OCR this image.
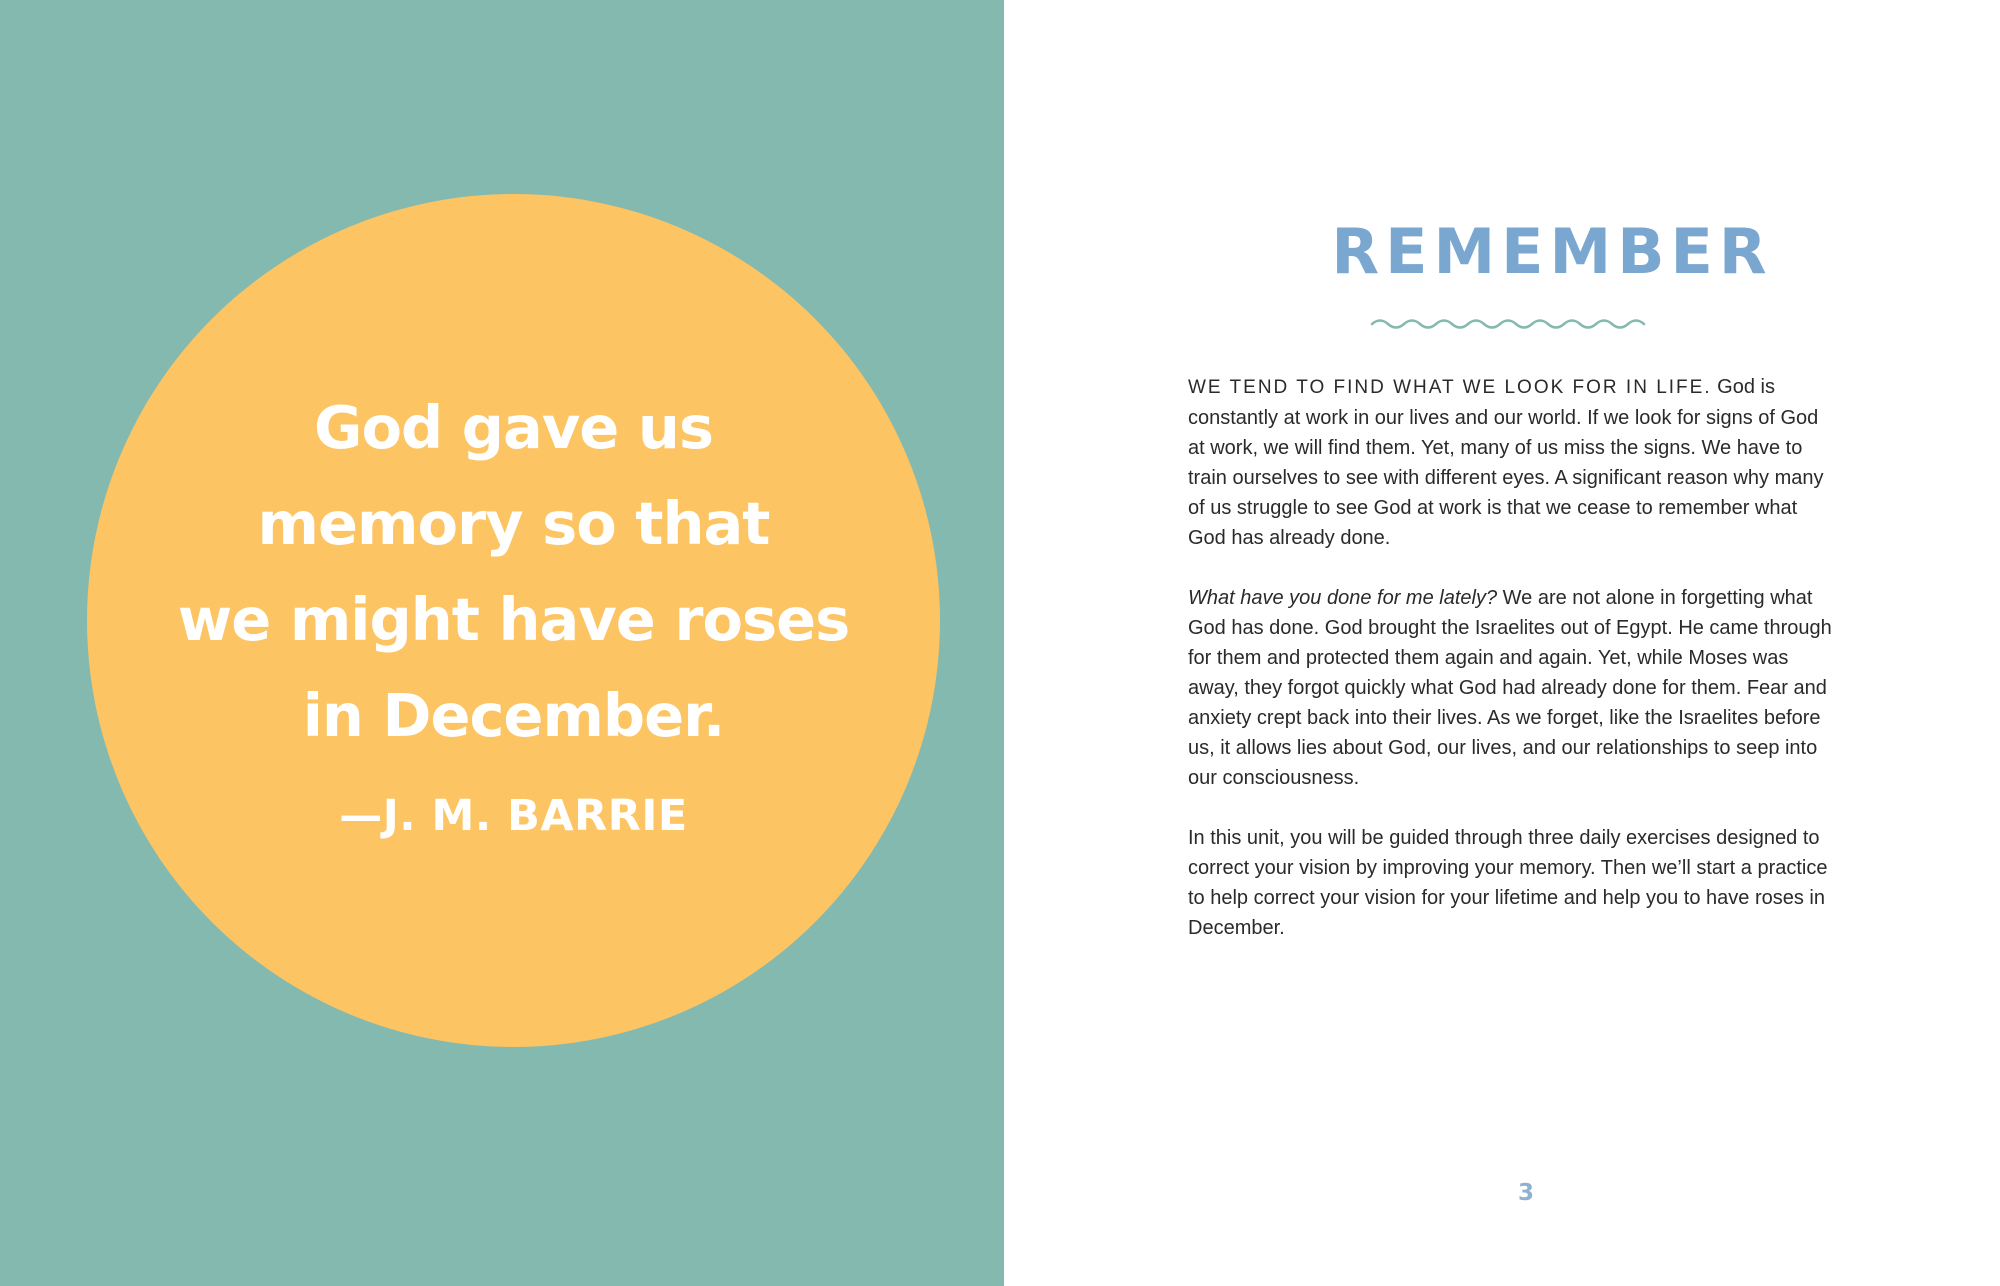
God gave us
memory so that
we might have roses
in December.

—J. M. BARRIE
REMEMBER

WE TEND TO FIND WHAT WE LOOK FOR IN LIFE. God is constantly at work in our lives and our world. If we look for signs of God at work, we will find them. Yet, many of us miss the signs. We have to train ourselves to see with different eyes. A significant reason why many of us struggle to see God at work is that we cease to remember what God has already done.

What have you done for me lately? We are not alone in forgetting what God has done. God brought the Israelites out of Egypt. He came through for them and protected them again and again. Yet, while Moses was away, they forgot quickly what God had already done for them. Fear and anxiety crept back into their lives. As we forget, like the Israelites before us, it allows lies about God, our lives, and our relationships to seep into our consciousness.

In this unit, you will be guided through three daily exercises designed to correct your vision by improving your memory. Then we’ll start a practice to help correct your vision for your lifetime and help you to have roses in December.

3
